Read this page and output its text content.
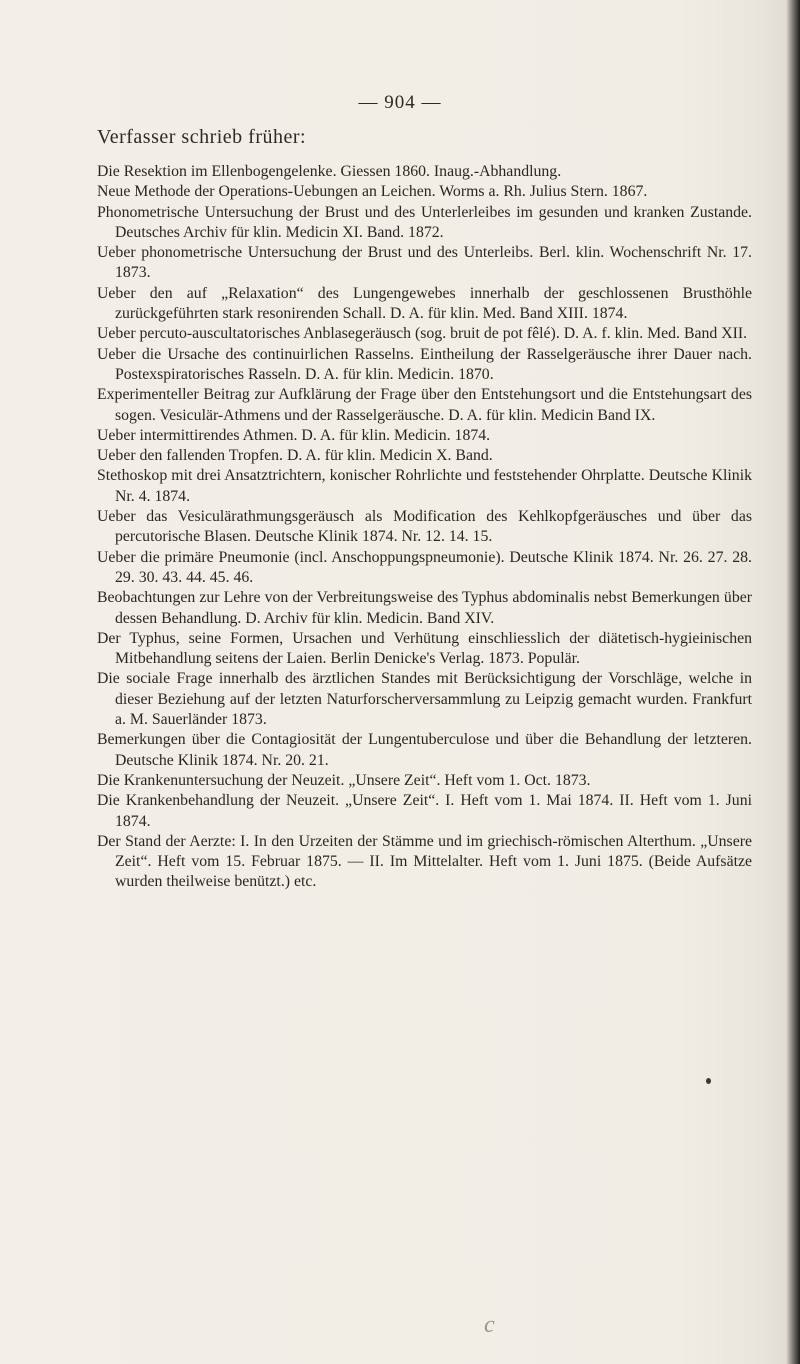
— 904 —
Verfasser schrieb früher:
Die Resektion im Ellenbogengelenke. Giessen 1860. Inaug.-Abhandlung.
Neue Methode der Operations-Uebungen an Leichen. Worms a. Rh. Julius Stern. 1867.
Phonometrische Untersuchung der Brust und des Unterlerleibes im gesunden und kranken Zustande. Deutsches Archiv für klin. Medicin XI. Band. 1872.
Ueber phonometrische Untersuchung der Brust und des Unterleibs. Berl. klin. Wochenschrift Nr. 17. 1873.
Ueber den auf „Relaxation“ des Lungengewebes innerhalb der geschlossenen Brusthöhle zurückgeführten stark resonirenden Schall. D. A. für klin. Med. Band XIII. 1874.
Ueber percuto-auscultatorisches Anblasegeräusch (sog. bruit de pot fêlé). D. A. f. klin. Med. Band XII.
Ueber die Ursache des continuirlichen Rasselns. Eintheilung der Rasselgeräusche ihrer Dauer nach. Postexspiratorisches Rasseln. D. A. für klin. Medicin. 1870.
Experimenteller Beitrag zur Aufklärung der Frage über den Entstehungsort und die Entstehungsart des sogen. Vesiculär-Athmens und der Rasselgeräusche. D. A. für klin. Medicin Band IX.
Ueber intermittirendes Athmen. D. A. für klin. Medicin. 1874.
Ueber den fallenden Tropfen. D. A. für klin. Medicin X. Band.
Stethoskop mit drei Ansatztrichtern, konischer Rohrlichte und feststehender Ohrplatte. Deutsche Klinik Nr. 4. 1874.
Ueber das Vesiculärathmungsgeräusch als Modification des Kehlkopfgeräusches und über das percutorische Blasen. Deutsche Klinik 1874. Nr. 12. 14. 15.
Ueber die primäre Pneumonie (incl. Anschoppungspneumonie). Deutsche Klinik 1874. Nr. 26. 27. 28. 29. 30. 43. 44. 45. 46.
Beobachtungen zur Lehre von der Verbreitungsweise des Typhus abdominalis nebst Bemerkungen über dessen Behandlung. D. Archiv für klin. Medicin. Band XIV.
Der Typhus, seine Formen, Ursachen und Verhütung einschliesslich der diätetisch-hygieinischen Mitbehandlung seitens der Laien. Berlin Denicke's Verlag. 1873. Populär.
Die sociale Frage innerhalb des ärztlichen Standes mit Berücksichtigung der Vorschläge, welche in dieser Beziehung auf der letzten Naturforscherversammlung zu Leipzig gemacht wurden. Frankfurt a. M. Sauerländer 1873.
Bemerkungen über die Contagiosität der Lungentuberculose und über die Behandlung der letzteren. Deutsche Klinik 1874. Nr. 20. 21.
Die Krankenuntersuchung der Neuzeit. „Unsere Zeit“. Heft vom 1. Oct. 1873.
Die Krankenbehandlung der Neuzeit. „Unsere Zeit“. I. Heft vom 1. Mai 1874. II. Heft vom 1. Juni 1874.
Der Stand der Aerzte: I. In den Urzeiten der Stämme und im griechisch-römischen Alterthum. „Unsere Zeit“. Heft vom 15. Februar 1875. — II. Im Mittelalter. Heft vom 1. Juni 1875. (Beide Aufsätze wurden theilweise benützt.) etc.
c
